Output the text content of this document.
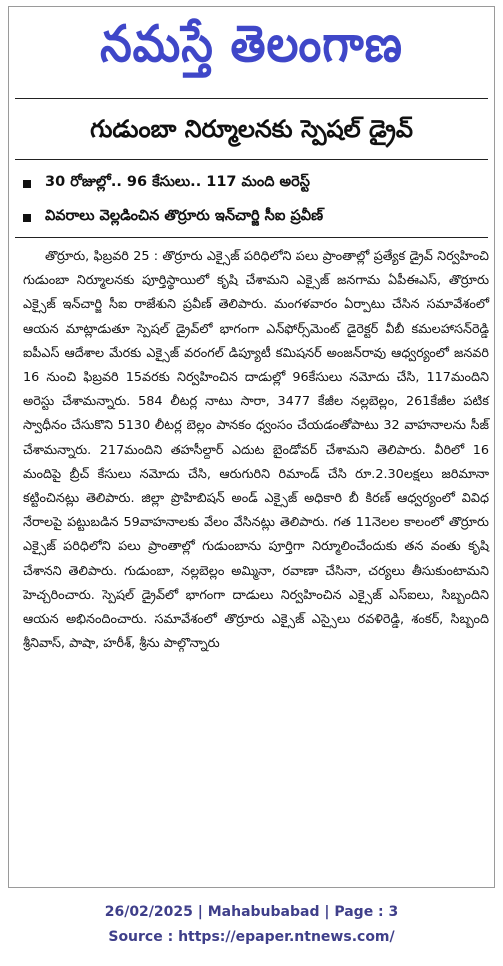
నమస్తే తెలంగాణ
గుడుంబా నిర్మూలనకు స్పెషల్ డ్రైవ్
30 రోజుల్లో.. 96 కేసులు.. 117 మంది అరెస్ట్
వివరాలు వెల్లడించిన తొర్రూరు ఇన్‌చార్జి సీఐ ప్రవీణ్

తొర్రూరు, ఫిబ్రవరి 25 : తొర్రూరు ఎక్సైజ్ పరిధిలోని పలు ప్రాంతాల్లో ప్రత్యేక డ్రైవ్ నిర్వహించి గుడుంబా నిర్మూలనకు పూర్తిస్థాయిలో కృషి చేశామని ఎక్సైజ్ జనగామ ఏపీఈఎస్, తొర్రూరు ఎక్సైజ్ ఇన్‌చార్జి సీఐ రాజేశుని ప్రవీణ్ తెలిపారు. మంగళవారం ఏర్పాటు చేసిన సమావేశంలో ఆయన మాట్లాడుతూ స్పెషల్ డ్రైవ్‌లో భాగంగా ఎన్‌ఫోర్స్‌మెంట్ డైరెక్టర్ వీబీ కమలహాసన్‌రెడ్డి ఐపీఎస్ ఆదేశాల మేరకు ఎక్సైజ్ వరంగల్ డిప్యూటీ కమిషనర్ అంజన్‌రావు ఆధ్వర్యంలో జనవరి 16 నుంచి ఫిబ్రవరి 15వరకు నిర్వహించిన దాడుల్లో 96కేసులు నమోదు చేసి, 117మందిని అరెస్టు చేశామన్నారు. 584 లీటర్ల నాటు సారా, 3477 కేజీల నల్లబెల్లం, 261కేజీల పటిక స్వాధీనం చేసుకొని 5130 లీటర్ల బెల్లం పానకం ధ్వంసం చేయడంతోపాటు 32 వాహనాలను సీజ్ చేశామన్నారు. 217మందిని తహసీల్దార్ ఎదుట బైండోవర్ చేశామని తెలిపారు. వీరిలో 16 మందిపై బ్రీచ్ కేసులు నమోదు చేసి, ఆరుగురిని రిమాండ్ చేసి రూ.2.30లక్షలు జరిమానా కట్టించినట్లు తెలిపారు. జిల్లా ప్రొహిబిషన్ అండ్ ఎక్సైజ్ అధికారి బీ కిరణ్ ఆధ్వర్యంలో వివిధ నేరాలపై పట్టుబడిన 59వాహనాలకు వేలం వేసినట్లు తెలిపారు. గత 11నెలల కాలంలో తొర్రూరు ఎక్సైజ్ పరిధిలోని పలు ప్రాంతాల్లో గుడుంబాను పూర్తిగా నిర్మూలించేందుకు తన వంతు కృషి చేశానని తెలిపారు. గుడుంబా, నల్లబెల్లం అమ్మినా, రవాణా చేసినా, చర్యలు తీసుకుంటామని హెచ్చరించారు. స్పెషల్ డ్రైవ్‌లో భాగంగా దాడులు నిర్వహించిన ఎక్సైజ్ ఎస్ఐలు, సిబ్బందిని ఆయన అభినందించారు. సమావేశంలో తొర్రూరు ఎక్సైజ్ ఎస్సైలు రవళిరెడ్డి, శంకర్, సిబ్బంది శ్రీనివాస్, పాషా, హరీశ్, శ్రీను పాల్గొన్నారు

26/02/2025 | Mahabubabad | Page : 3
Source : https://epaper.ntnews.com/
